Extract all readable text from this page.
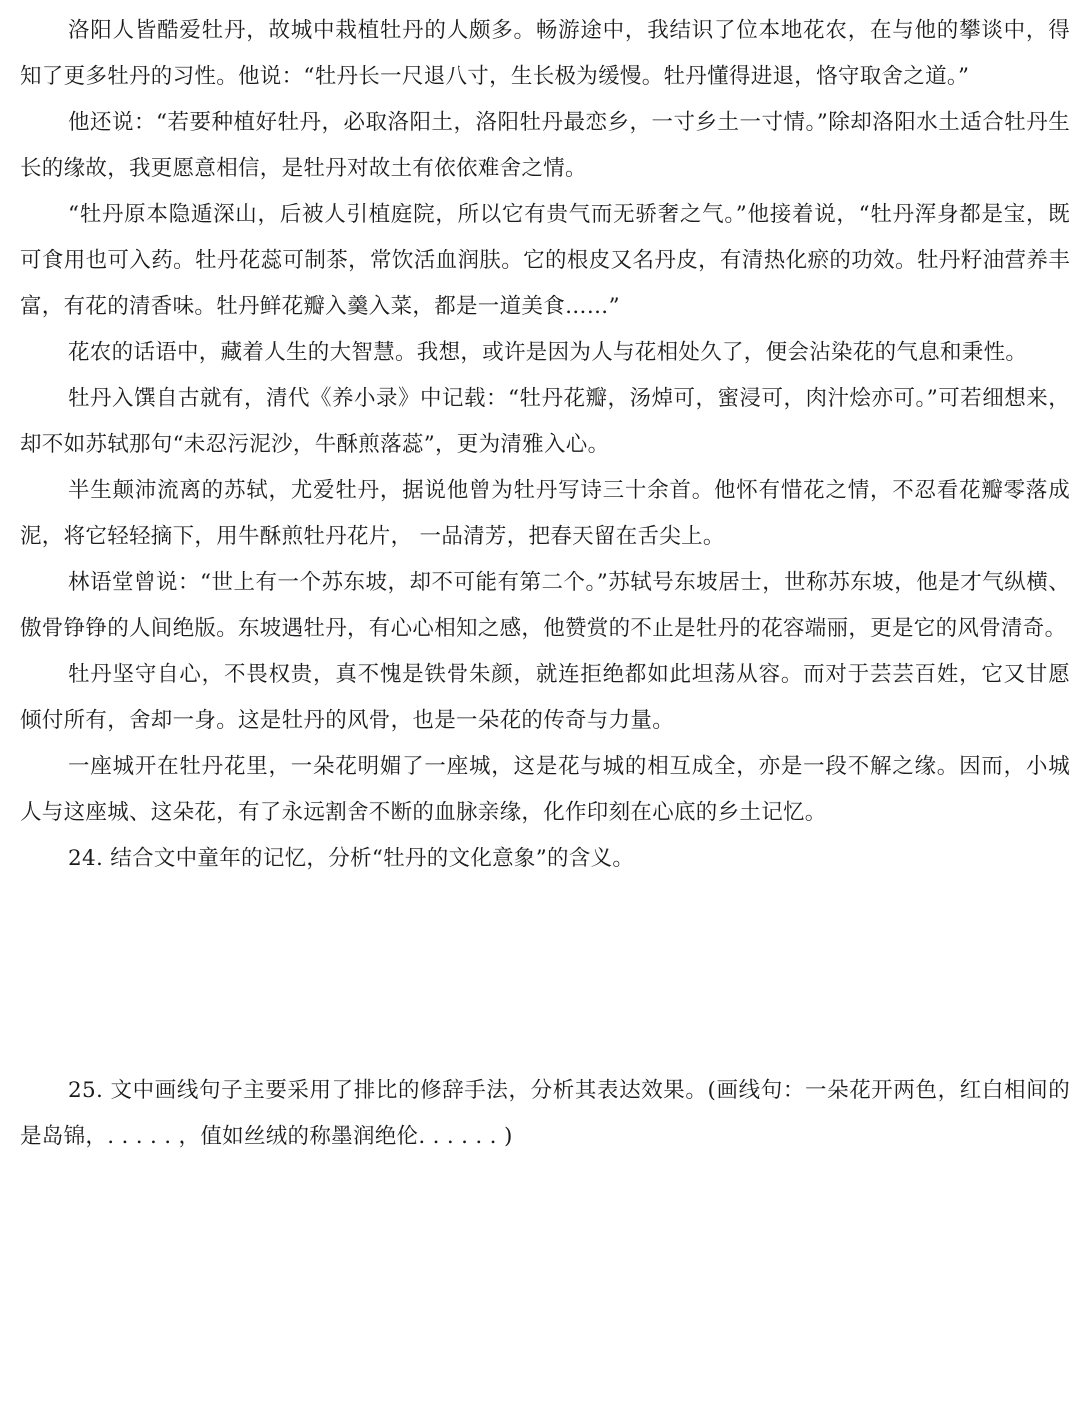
洛阳人皆酷爱牡丹，故城中栽植牡丹的人颇多。畅游途中，我结识了位本地花农，在与他的攀谈中，得知了更多牡丹的习性。他说：“牡丹长一尺退八寸，生长极为缓慢。牡丹懂得进退，恪守取舍之道。”

他还说：“若要种植好牡丹，必取洛阳土，洛阳牡丹最恋乡，一寸乡土一寸情。”除却洛阳水土适合牡丹生长的缘故，我更愿意相信，是牡丹对故土有依依难舍之情。

“牡丹原本隐遁深山，后被人引植庭院，所以它有贵气而无骄奢之气。”他接着说，“牡丹浑身都是宝，既可食用也可入药。牡丹花蕊可制茶，常饮活血润肤。它的根皮又名丹皮，有清热化瘀的功效。牡丹籽油营养丰富，有花的清香味。牡丹鲜花瓣入羹入菜，都是一道美食……”

花农的话语中，藏着人生的大智慧。我想，或许是因为人与花相处久了，便会沾染花的气息和秉性。

牡丹入馔自古就有，清代《养小录》中记载：“牡丹花瓣，汤焯可，蜜浸可，肉汁烩亦可。”可若细想来，却不如苏轼那句“未忍污泥沙，牛酥煎落蕊”，更为清雅入心。

半生颠沛流离的苏轼，尤爱牡丹，据说他曾为牡丹写诗三十余首。他怀有惜花之情，不忍看花瓣零落成泥，将它轻轻摘下，用牛酥煎牡丹花片， 一品清芳，把春天留在舌尖上。

林语堂曾说：“世上有一个苏东坡，却不可能有第二个。”苏轼号东坡居士，世称苏东坡，他是才气纵横、傲骨铮铮的人间绝版。东坡遇牡丹，有心心相知之感，他赞赏的不止是牡丹的花容端丽，更是它的风骨清奇。

牡丹坚守自心，不畏权贵，真不愧是铁骨朱颜，就连拒绝都如此坦荡从容。而对于芸芸百姓，它又甘愿倾付所有，舍却一身。这是牡丹的风骨，也是一朵花的传奇与力量。

一座城开在牡丹花里，一朵花明媚了一座城，这是花与城的相互成全，亦是一段不解之缘。因而，小城人与这座城、这朵花，有了永远割舍不断的血脉亲缘，化作印刻在心底的乡土记忆。

24. 结合文中童年的记忆，分析“牡丹的文化意象”的含义。

25. 文中画线句子主要采用了排比的修辞手法，分析其表达效果。(画线句：一朵花开两色，红白相间的是岛锦，. . . . . ，值如丝绒的称墨润绝伦. . . . . . )
